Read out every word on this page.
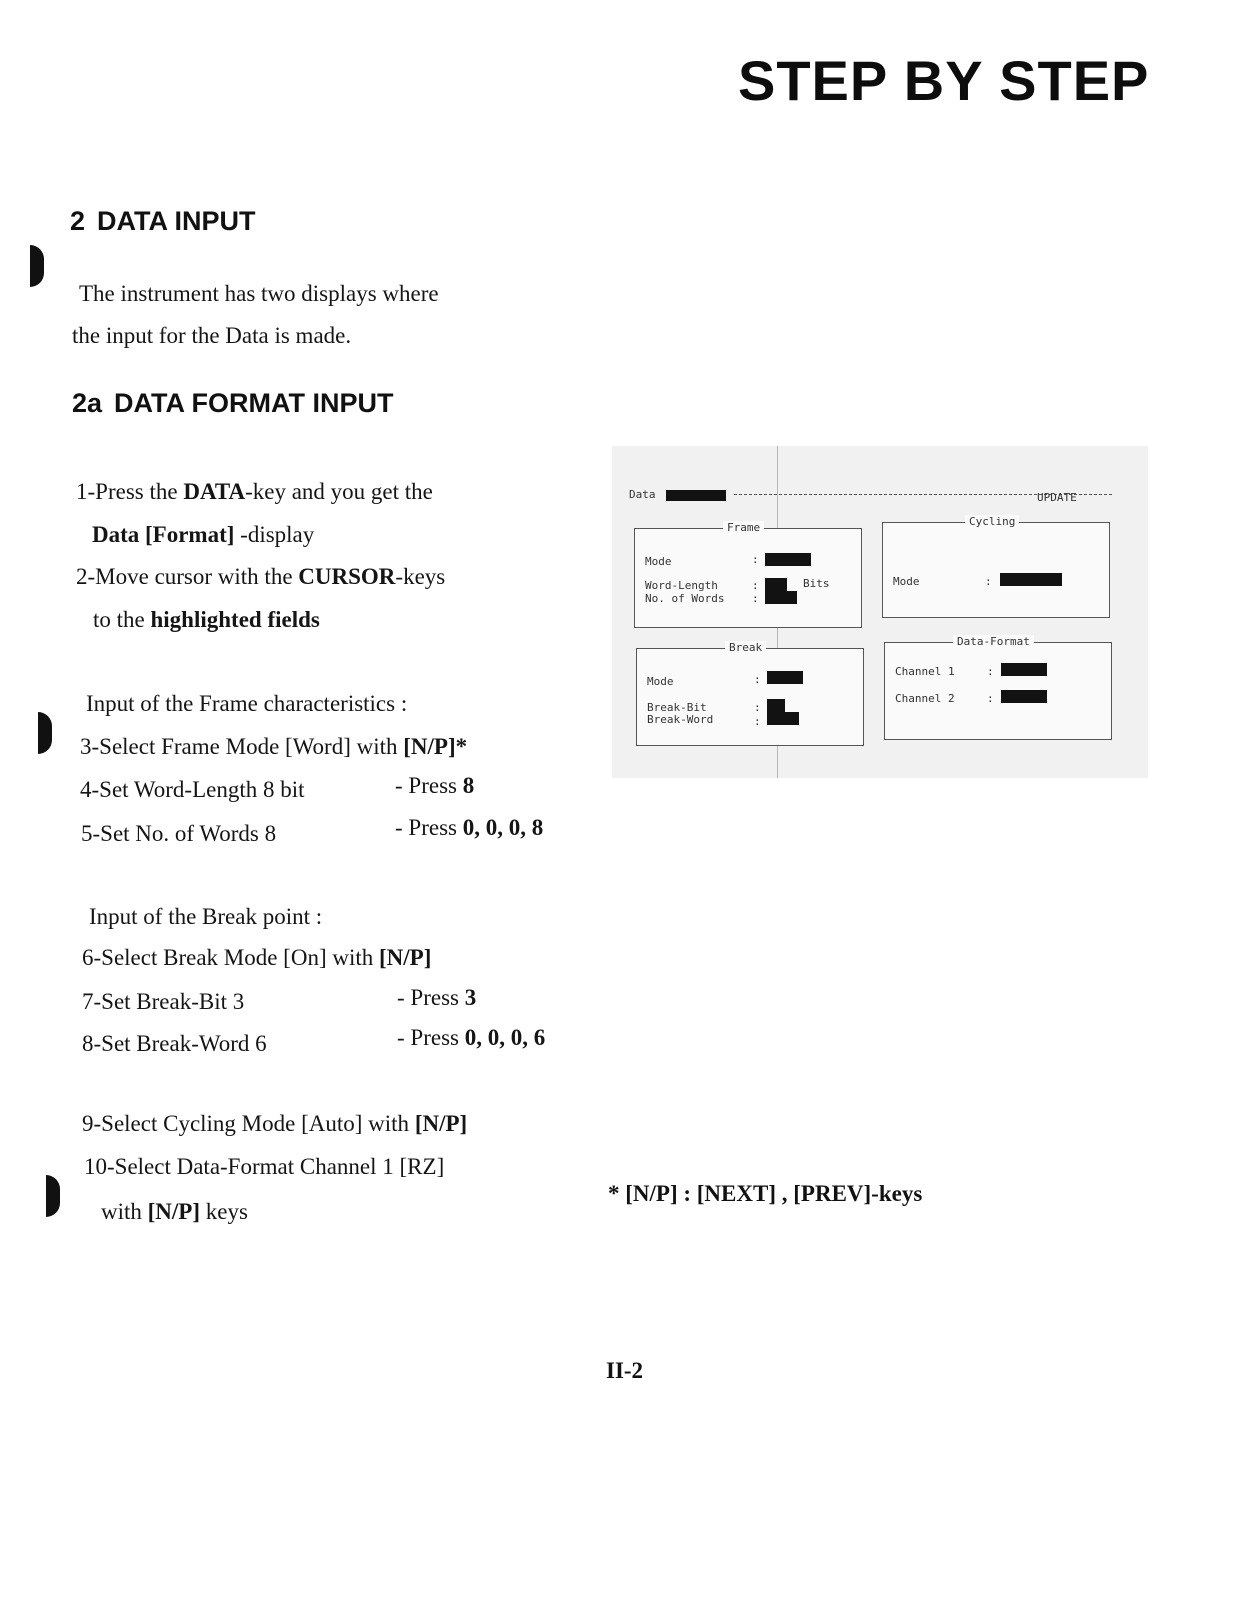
STEP BY STEP
2 DATA INPUT
The instrument has two displays where
the input for the Data is made.
2a DATA FORMAT INPUT
1-Press the DATA-key and you get the
Data [Format] -display
2-Move cursor with the CURSOR-keys
to the highlighted fields
Input of the Frame characteristics :
3-Select Frame Mode [Word] with [N/P]*
4-Set Word-Length 8 bit	- Press 8
5-Set No. of Words 8	- Press 0, 0, 0, 8
Input of the Break point :
6-Select Break Mode [On] with [N/P]
7-Set Break-Bit 3	- Press 3
8-Set Break-Word 6	- Press 0, 0, 0, 6
9-Select Cycling Mode [Auto] with [N/P]
10-Select Data-Format Channel 1 [RZ]
with [N/P] keys
Data	UPDATE
Frame
Mode	:
Word-Length	:	Bits
No. of Words	:
Cycling
Mode	:
Break
Mode	:
Break-Bit	:
Break-Word	:
Data-Format
Channel 1	:
Channel 2	:
* [N/P] : [NEXT] , [PREV]-keys
II-2
